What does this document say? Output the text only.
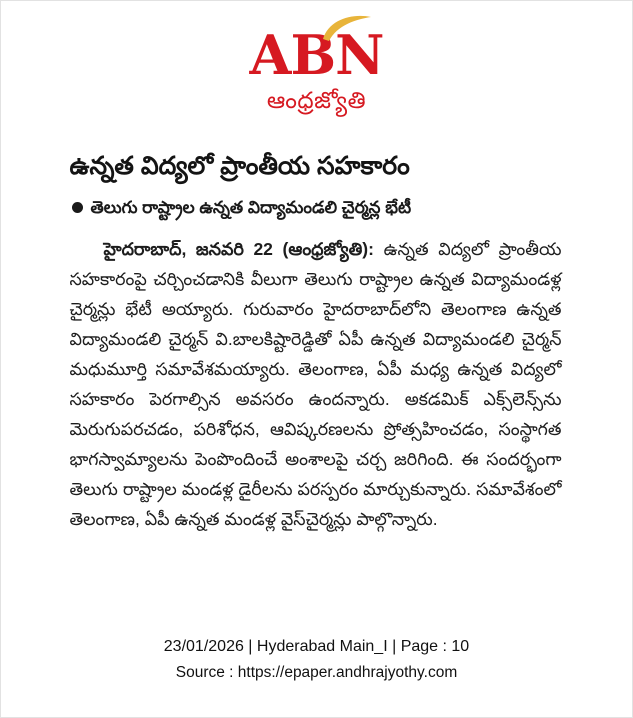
ABN
ఆంధ్రజ్యోతి
ఉన్నత విద్యలో ప్రాంతీయ సహకారం
తెలుగు రాష్ట్రాల ఉన్నత విద్యామండలి చైర్మన్ల భేటీ
హైదరాబాద్‌, జనవరి 22 (ఆంధ్రజ్యోతి): ఉన్నత విద్యలో ప్రాంతీయ సహకారంపై చర్చించడానికి వీలుగా తెలుగు రాష్ట్రాల ఉన్నత విద్యామండళ్ల చైర్మన్లు భేటీ అయ్యారు. గురువారం హైదరాబాద్‌లోని తెలంగాణ ఉన్నత విద్యామండలి చైర్మన్‌ వి.బాలకిష్టారెడ్డితో ఏపీ ఉన్నత విద్యామండలి చైర్మన్‌ మధుమూర్తి సమావేశమయ్యారు. తెలంగాణ, ఏపీ మధ్య ఉన్నత విద్యలో సహకారం పెరగాల్సిన అవసరం ఉందన్నారు. అకడమిక్‌ ఎక్స్‌లెన్స్‌ను మెరుగుపరచడం, పరిశోధన, ఆవిష్కరణలను ప్రోత్సహించడం, సంస్థాగత భాగస్వామ్యాలను పెంపొందించే అంశాలపై చర్చ జరిగింది. ఈ సందర్భంగా తెలుగు రాష్ట్రాల మండళ్ల డైరీలను పరస్పరం మార్చుకున్నారు. సమావేశంలో తెలంగాణ, ఏపీ ఉన్నత మండళ్ల వైస్‌చైర్మన్లు పాల్గొన్నారు.
23/01/2026 | Hyderabad Main_I | Page : 10
Source : https://epaper.andhrajyothy.com
